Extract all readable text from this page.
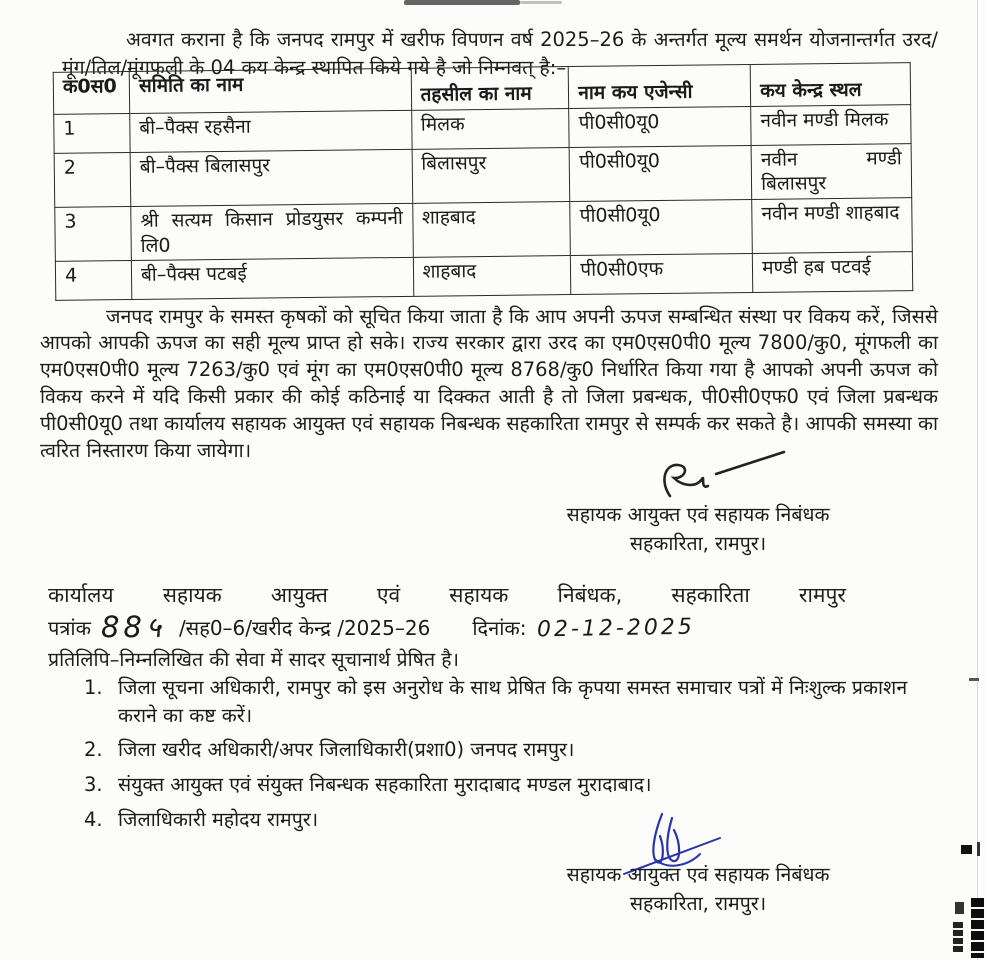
अवगत कराना है कि जनपद रामपुर में खरीफ विपणन वर्ष 2025–26 के अन्तर्गत मूल्य समर्थन योजनान्तर्गत उरद/मूंग/तिल/मूंगफली के 04 कय केन्द्र स्थापित किये गये है जो निम्नवत् है:–

क0स0	समिति का नाम	तहसील का नाम	नाम कय एजेन्सी	कय केन्द्र स्थल
1	बी–पैक्स रहसैना	मिलक	पी0सी0यू0	नवीन मण्डी मिलक
2	बी–पैक्स बिलासपुर	बिलासपुर	पी0सी0यू0	नवीन मण्डी बिलासपुर
3	श्री सत्यम किसान प्रोडयुसर कम्पनी लि0	शाहबाद	पी0सी0यू0	नवीन मण्डी शाहबाद
4	बी–पैक्स पटबई	शाहबाद	पी0सी0एफ	मण्डी हब पटवई

जनपद रामपुर के समस्त कृषकों को सूचित किया जाता है कि आप अपनी ऊपज सम्बन्धित संस्था पर विकय करें, जिससे आपको आपकी ऊपज का सही मूल्य प्राप्त हो सके। राज्य सरकार द्वारा उरद का एम0एस0पी0 मूल्य 7800/कु0, मूंगफली का एम0एस0पी0 मूल्य 7263/कु0 एवं मूंग का एम0एस0पी0 मूल्य 8768/कु0 निर्धारित किया गया है आपको अपनी ऊपज को विकय करने में यदि किसी प्रकार की कोई कठिनाई या दिक्कत आती है तो जिला प्रबन्धक, पी0सी0एफ0 एवं जिला प्रबन्धक पी0सी0यू0 तथा कार्यालय सहायक आयुक्त एवं सहायक निबन्धक सहकारिता रामपुर से सम्पर्क कर सकते है। आपकी समस्या का त्वरित निस्तारण किया जायेगा।

सहायक आयुक्त एवं सहायक निबंधक
सहकारिता, रामपुर।
कार्यालय सहायक आयुक्त एवं सहायक निबंधक, सहकारिता रामपुर
पत्रांक 88५ /सह0–6/खरीद केन्द्र /2025–26 दिनांक: 02-12-2025
प्रतिलिपि–निम्नलिखित की सेवा में सादर सूचानार्थ प्रेषित है।
1. जिला सूचना अधिकारी, रामपुर को इस अनुरोध के साथ प्रेषित कि कृपया समस्त समाचार पत्रों में निःशुल्क प्रकाशन कराने का कष्ट करें।
2. जिला खरीद अधिकारी/अपर जिलाधिकारी(प्रशा0) जनपद रामपुर।
3. संयुक्त आयुक्त एवं संयुक्त निबन्धक सहकारिता मुरादाबाद मण्डल मुरादाबाद।
4. जिलाधिकारी महोदय रामपुर।
सहायक आयुक्त एवं सहायक निबंधक
सहकारिता, रामपुर।
